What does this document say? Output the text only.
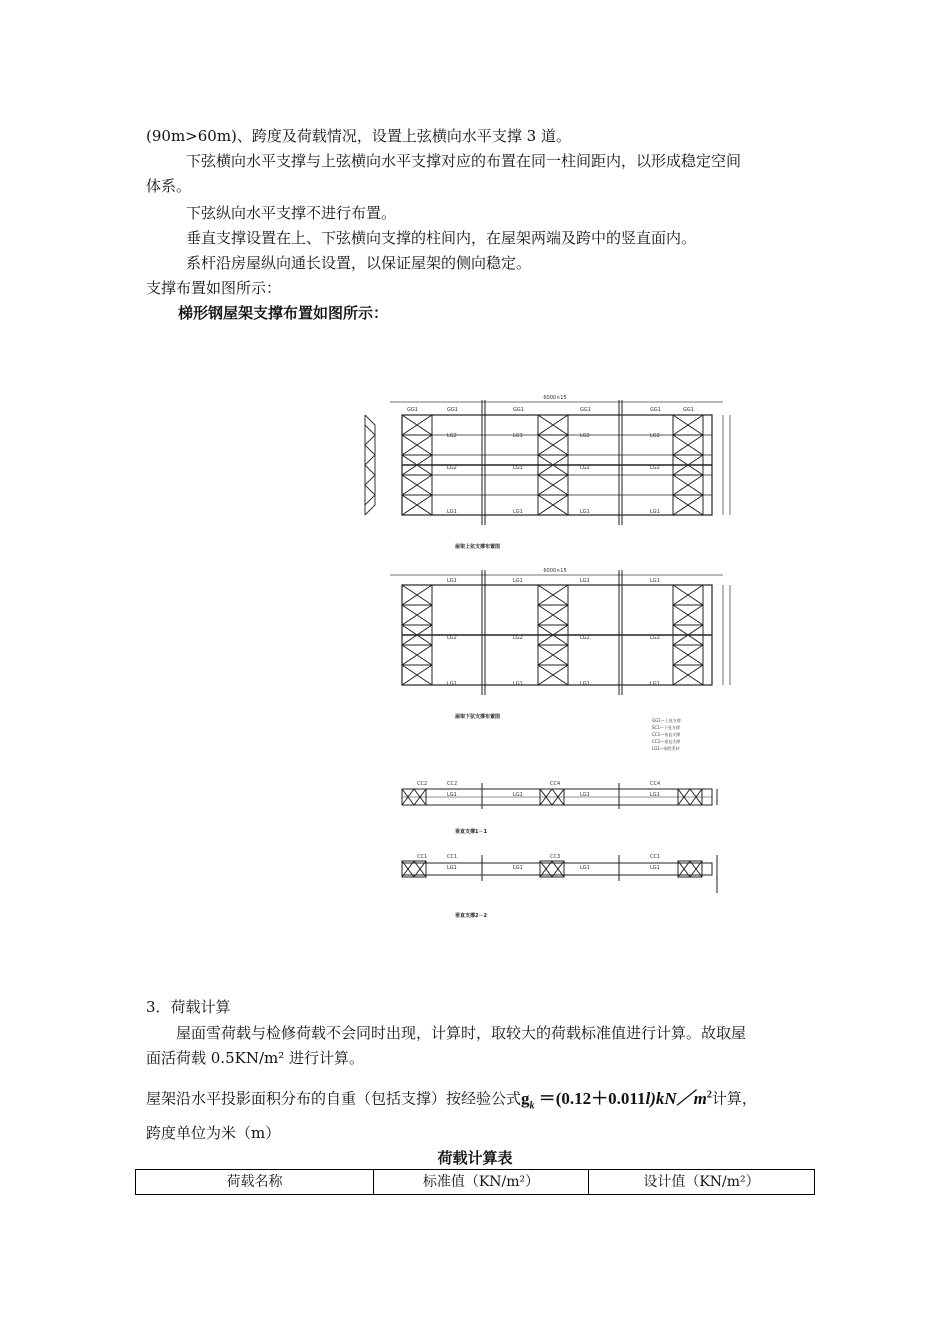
(90m>60m)、跨度及荷载情况，设置上弦横向水平支撑 3 道。
下弦横向水平支撑与上弦横向水平支撑对应的布置在同一柱间距内，以形成稳定空间
体系。
下弦纵向水平支撑不进行布置。
垂直支撑设置在上、下弦横向支撑的柱间内，在屋架两端及跨中的竖直面内。
系杆沿房屋纵向通长设置，以保证屋架的侧向稳定。
支撑布置如图所示：
梯形钢屋架支撑布置如图所示：
6000×15
GG1	GG1	GG1	GG1	GG1	GG1
LG2	LG1	LG2	LG2
LG2	LG1	LG2	LG2
LG1	LG1	LG1	LG1
屋架上弦支撑布置图
6000×15
LG1	LG1	LG1	LG1
LG2	LG2	LG2	LG2
LG1	LG1	LG1	LG1
屋架下弦支撑布置图
GG1—上弦支撑
SC1—下弦支撑
CC1—垂直支撑
CC2—垂直支撑
LG1—刚性系杆
CC2	CC2	CC4	CC4
LG1	LG1	LG1	LG1
垂直支撑1－1
CC1	CC1	CC3	CC1
LG1	LG1	LG1	LG1
垂直支撑2－2
3．荷载计算
屋面雪荷载与检修荷载不会同时出现，计算时，取较大的荷载标准值进行计算。故取屋
面活荷载 0.5KN/m² 进行计算。
屋架沿水平投影面积分布的自重（包括支撑）按经验公式$g_k$ $=(0.12+0.011l)kN/m^2$计算，
跨度单位为米（m）
荷载计算表
荷载名称	标准值（KN/m²）	设计值（KN/m²）
